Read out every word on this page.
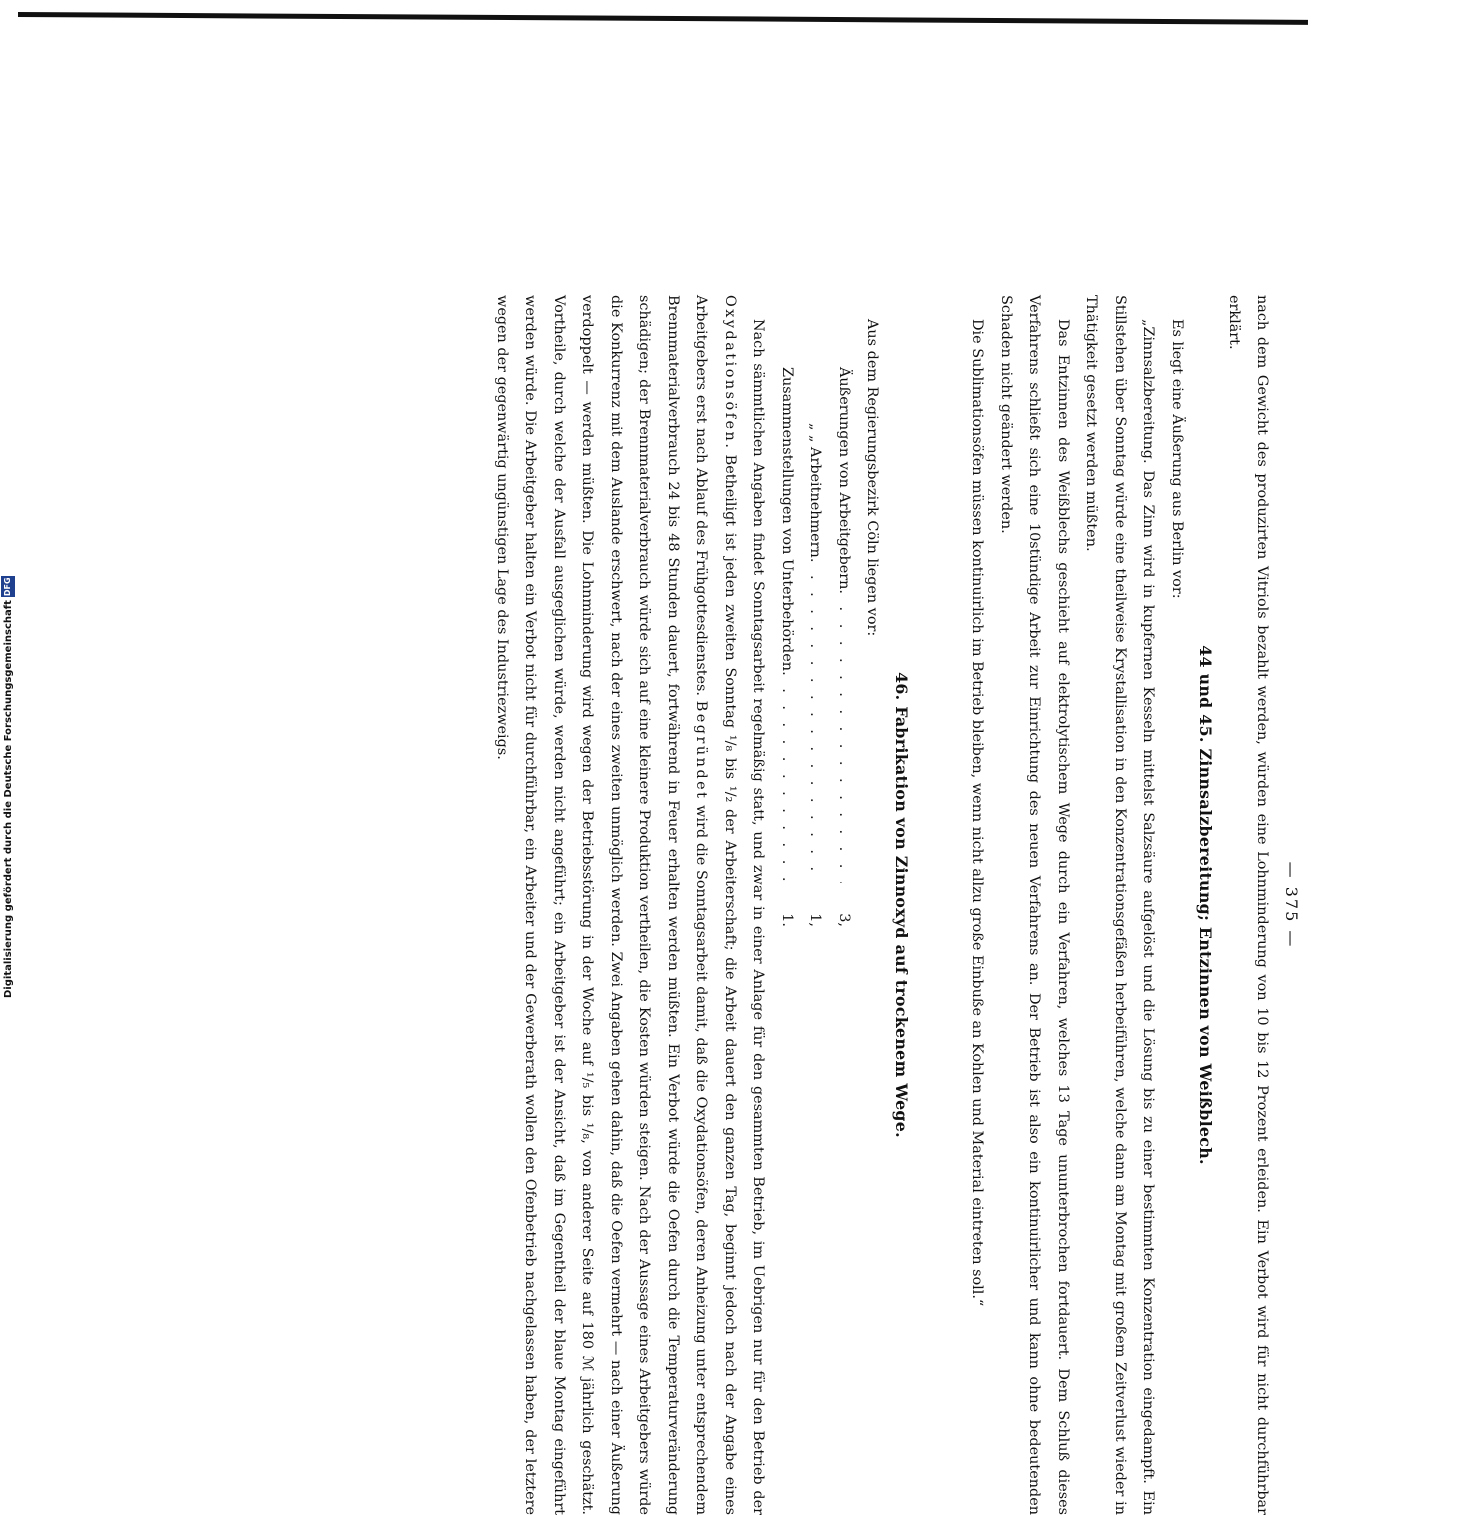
— 375 —

nach dem Gewicht des produzirten Vitriols bezahlt werden, würden eine Lohnminderung von 10 bis 12 Prozent erleiden. Ein Verbot wird für nicht durchführbar erklärt.

44 und 45. Zinnsalzbereitung; Entzinnen von Weißblech.

Es liegt eine Äußerung aus Berlin vor:

„Zinnsalzbereitung. Das Zinn wird in kupfernen Kesseln mittelst Salzsäure aufgelöst und die Lösung bis zu einer bestimmten Konzentration eingedampft. Ein Stillstehen über Sonntag würde eine theilweise Krystallisation in den Konzentrationsgefäßen herbeiführen, welche dann am Montag mit großem Zeitverlust wieder in Thätigkeit gesetzt werden müßten.

Das Entzinnen des Weißblechs geschieht auf elektrolytischem Wege durch ein Verfahren, welches 13 Tage ununterbrochen fortdauert. Dem Schluß dieses Verfahrens schließt sich eine 10stündige Arbeit zur Einrichtung des neuen Verfahrens an. Der Betrieb ist also ein kontinuirlicher und kann ohne bedeutenden Schaden nicht geändert werden.

Die Sublimationsöfen müssen kontinuirlich im Betrieb bleiben, wenn nicht allzu große Einbuße an Kohlen und Material eintreten soll.“

46. Fabrikation von Zinnoxyd auf trockenem Wege.

Aus dem Regierungsbezirk Cöln liegen vor:

Äußerungen von Arbeitgebern
. . .
3,
„ „ Arbeitnehmern
. . .
1,
Zusammenstellungen von Unterbehörden
. . .
1.

Nach sämmtlichen Angaben findet Sonntagsarbeit regelmäßig statt, und zwar in einer Anlage für den gesammten Betrieb, im Uebrigen nur für den Betrieb der Oxydationsöfen. Betheiligt ist jeden zweiten Sonntag ¹/₈ bis ¹/₂ der Arbeiterschaft; die Arbeit dauert den ganzen Tag, beginnt jedoch nach der Angabe eines Arbeitgebers erst nach Ablauf des Frühgottesdienstes. Begründet wird die Sonntagsarbeit damit, daß die Oxydationsöfen, deren Anheizung unter entsprechendem Brennmaterialverbrauch 24 bis 48 Stunden dauert, fortwährend in Feuer erhalten werden müßten. Ein Verbot würde die Oefen durch die Temperaturveränderung schädigen; der Brennmaterialverbrauch würde sich auf eine kleinere Produktion vertheilen, die Kosten würden steigen. Nach der Aussage eines Arbeitgebers würde die Konkurrenz mit dem Auslande erschwert, nach der eines zweiten unmöglich werden. Zwei Angaben gehen dahin, daß die Oefen vermehrt — nach einer Äußerung verdoppelt — werden müßten. Die Lohnminderung wird wegen der Betriebsstörung in der Woche auf ¹/₅ bis ¹/₈, von anderer Seite auf 180 ℳ jährlich geschätzt. Vortheile, durch welche der Ausfall ausgeglichen würde, werden nicht angeführt; ein Arbeitgeber ist der Ansicht, daß im Gegentheil der blaue Montag eingeführt werden würde. Die Arbeitgeber halten ein Verbot nicht für durchführbar, ein Arbeiter und der Gewerberath wollen den Ofenbetrieb nachgelassen haben, der letztere wegen der gegenwärtig ungünstigen Lage des Industriezweigs.

Digitalisierung gefördert durch die Deutsche Forschungsgemeinschaft
DFG
